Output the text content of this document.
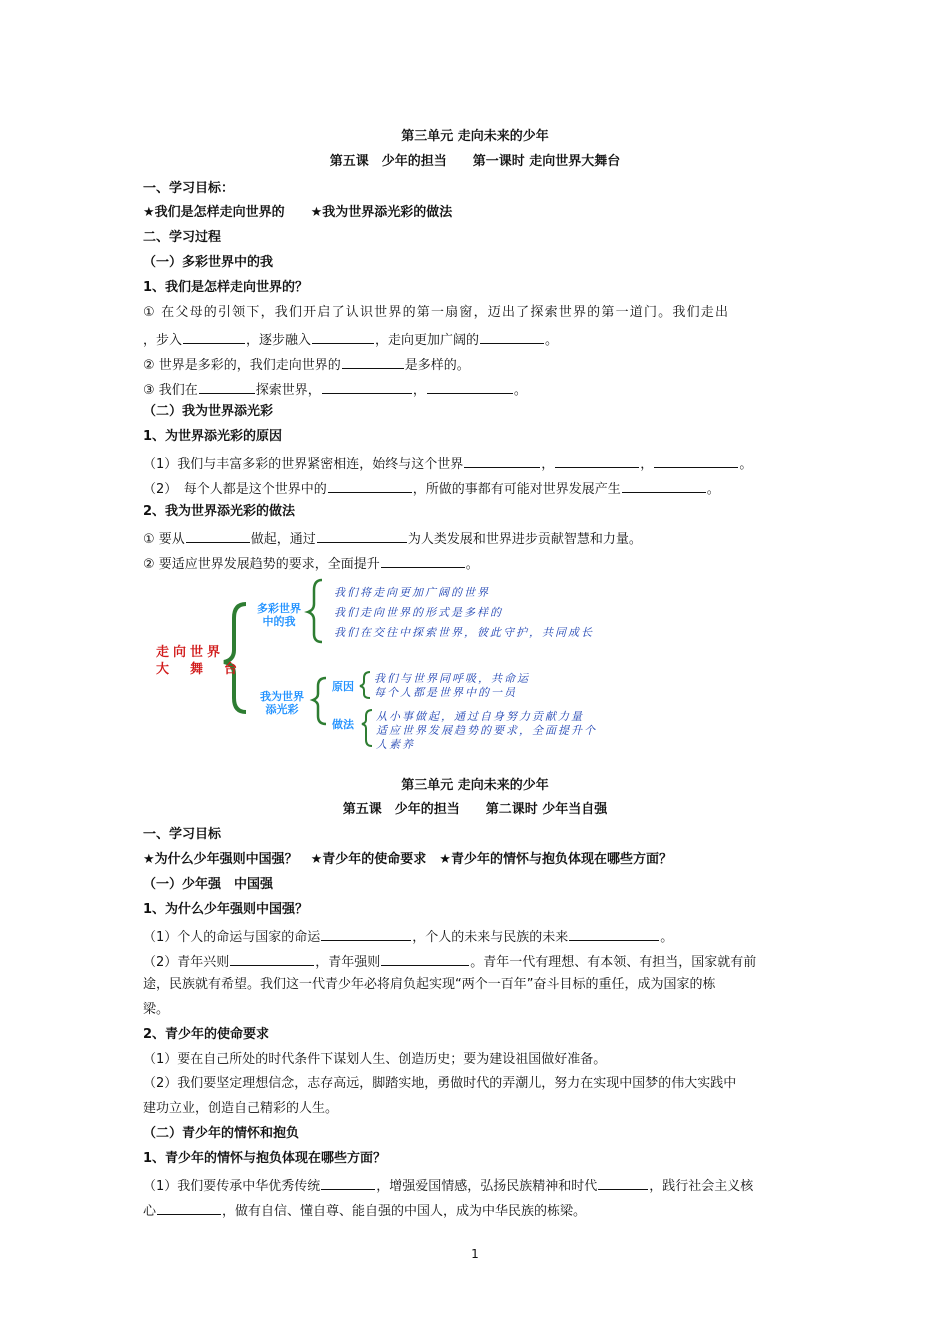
第三单元 走向未来的少年
第五课　少年的担当　　第一课时 走向世界大舞台
一、学习目标：
★我们是怎样走向世界的　　★我为世界添光彩的做法
二、学习过程
（一）多彩世界中的我
1、我们是怎样走向世界的？
① 在父母的引领下，我们开启了认识世界的第一扇窗，迈出了探索世界的第一道门。我们走出
，步入	，逐步融入	，走向更加广阔的	。
② 世界是多彩的，我们走向世界的	是多样的。
③ 我们在	探索世界，	，	。
（二）我为世界添光彩
1、为世界添光彩的原因
（1）我们与丰富多彩的世界紧密相连，始终与这个世界	，	，	。
（2）　每个人都是这个世界中的	，所做的事都有可能对世界发展产生	。
2、我为世界添光彩的做法
① 要从	做起，通过	为人类发展和世界进步贡献智慧和力量。
② 要适应世界发展趋势的要求，全面提升	。
走向世界
大　舞　台
多彩世界
中的我
我们将走向更加广阔的世界
我们走向世界的形式是多样的
我们在交往中探索世界，彼此守护，共同成长
我为世界
添光彩
原因
我们与世界同呼吸，共命运
每个人都是世界中的一员
做法
从小事做起，通过自身努力贡献力量
适应世界发展趋势的要求，全面提升个
人素养
第三单元 走向未来的少年
第五课　少年的担当　　第二课时 少年当自强
一、学习目标
★为什么少年强则中国强？　★青少年的使命要求　★青少年的情怀与抱负体现在哪些方面？
（一）少年强　中国强
1、为什么少年强则中国强？
（1）个人的命运与国家的命运	，个人的未来与民族的未来	。
（2）青年兴则	，青年强则	。青年一代有理想、有本领、有担当，国家就有前
途，民族就有希望。我们这一代青少年必将肩负起实现“两个一百年”奋斗目标的重任，成为国家的栋
梁。
2、青少年的使命要求
（1）要在自己所处的时代条件下谋划人生、创造历史；要为建设祖国做好准备。
（2）我们要坚定理想信念，志存高远，脚踏实地，勇做时代的弄潮儿，努力在实现中国梦的伟大实践中
建功立业，创造自己精彩的人生。
（二）青少年的情怀和抱负
1、青少年的情怀与抱负体现在哪些方面？
（1）我们要传承中华优秀传统	，增强爱国情感，弘扬民族精神和时代	，践行社会主义核
心	，做有自信、懂自尊、能自强的中国人，成为中华民族的栋梁。
1
